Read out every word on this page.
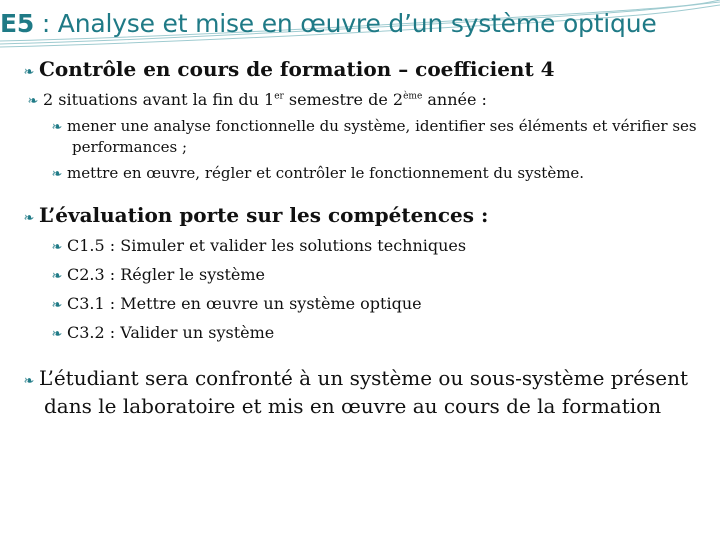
E5 : Analyse et mise en œuvre d’un système optique
❧ Contrôle en cours de formation – coefficient 4
❧ 2 situations avant la fin du 1er semestre de 2ème année :
❧ mener une analyse fonctionnelle du système, identifier ses éléments et vérifier ses
performances ;
❧ mettre en œuvre, régler et contrôler le fonctionnement du système.
❧ L’évaluation porte sur les compétences :
❧ C1.5 : Simuler et valider les solutions techniques
❧ C2.3 : Régler le système
❧ C3.1 : Mettre en œuvre un système optique
❧ C3.2 : Valider un système
❧ L’étudiant sera confronté à un système ou sous-système présent
dans le laboratoire et mis en œuvre au cours de la formation
